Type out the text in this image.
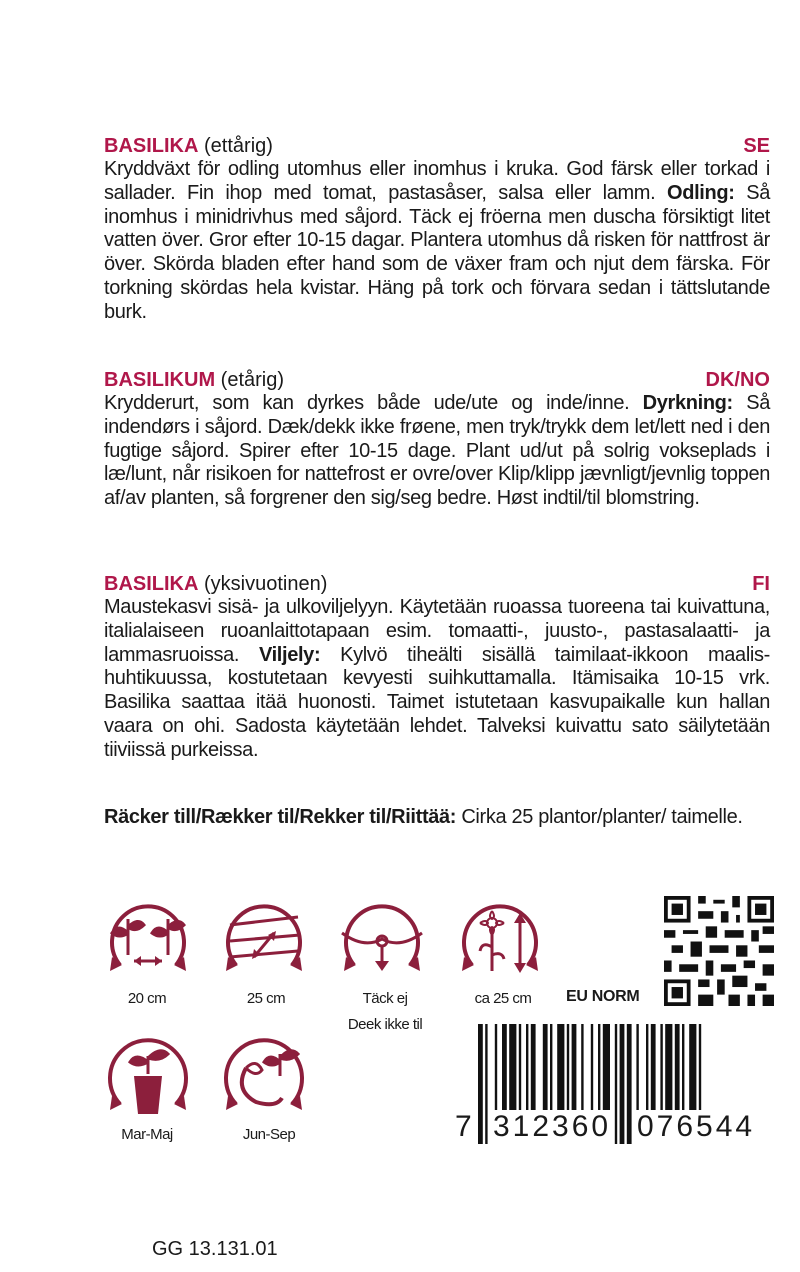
BASILIKA (ettårig)	SE
Kryddväxt för odling utomhus eller inomhus i kruka. God färsk eller torkad i sallader. Fin ihop med tomat, pastasåser, salsa eller lamm. Odling: Så inomhus i minidrivhus med såjord. Täck ej fröerna men duscha försiktigt litet vatten över. Gror efter 10-15 dagar. Plantera utomhus då risken för nattfrost är över. Skörda bladen efter hand som de växer fram och njut dem färska. För torkning skördas hela kvistar. Häng på tork och förvara sedan i tättslutande burk.
BASILIKUM (etårig)	DK/NO
Krydderurt, som kan dyrkes både ude/ute og inde/inne. Dyrkning: Så indendørs i såjord. Dæk/dekk ikke frøene, men tryk/trykk dem let/lett ned i den fugtige såjord. Spirer efter 10-15 dage. Plant ud/ut på solrig vokseplads i læ/lunt, når risikoen for nattefrost er ovre/over Klip/klipp jævnligt/jevnlig toppen af/av planten, så forgrener den sig/seg bedre. Høst indtil/til blomstring.
BASILIKA (yksivuotinen)	FI
Maustekasvi sisä- ja ulkoviljelyyn. Käytetään ruoassa tuoreena tai kuivattuna, italialaiseen ruoanlaittotapaan esim. tomaatti-, juusto-, pastasalaatti- ja lammasruoissa. Viljely: Kylvö tiheälti sisällä taimilaat-ikkoon maalis-huhtikuussa, kostutetaan kevyesti suihkuttamalla. Itämisaika 10-15 vrk. Basilika saattaa itää huonosti. Taimet istutetaan kasvupaikalle kun hallan vaara on ohi. Sadosta käytetään lehdet. Talveksi kuivattu sato säilytetään tiiviissä purkeissa.
Räcker till/Rækker til/Rekker til/Riittää: Cirka 25 plantor/planter/ taimelle.
20 cm	25 cm	Täck ej
Deek ikke til
ca 25 cm
Mar-Maj	Jun-Sep
EU NORM
7 312360 076544
GG 13.131.01
